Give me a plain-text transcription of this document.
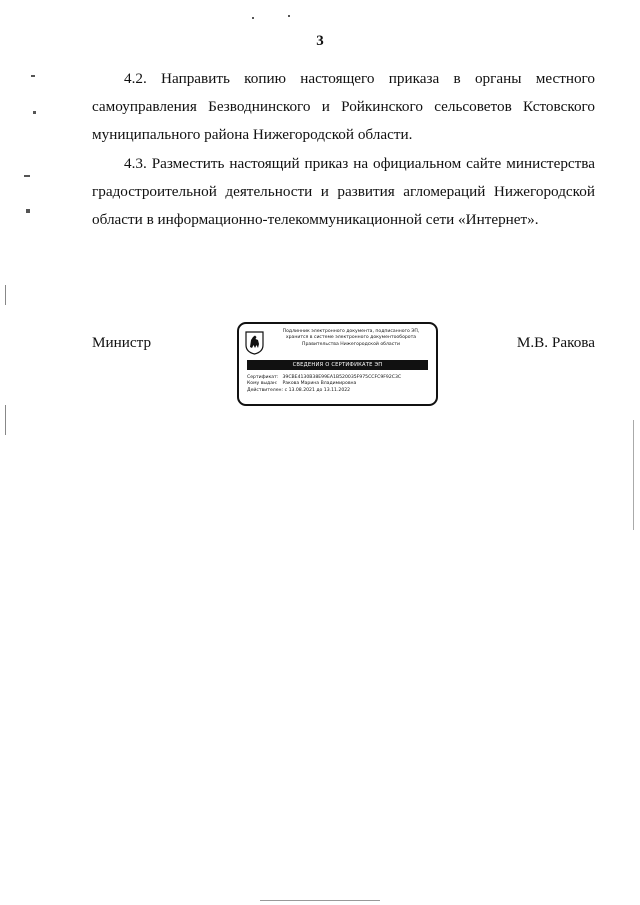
3

4.2. Направить копию настоящего приказа в органы местного самоуправления Безводнинского и Ройкинского сельсоветов Кстовского муниципального района Нижегородской области.

4.3. Разместить настоящий приказ на официальном сайте министерства градостроительной деятельности и развития агломераций Нижегородской области в информационно-телекоммуникационной сети «Интернет».

Министр
Подлинник электронного документа, подписанного ЭП,
хранится в системе электронного документооборота
Правительства Нижегородской области
СВЕДЕНИЯ О СЕРТИФИКАТЕ ЭП
Сертификат: 39CBE4130B38E99EA1B520035F975CCFC9F92C3C
Кому выдан: Ракова Марина Владимировна
Действителен: с 13.08.2021 до 13.11.2022
М.В. Ракова
